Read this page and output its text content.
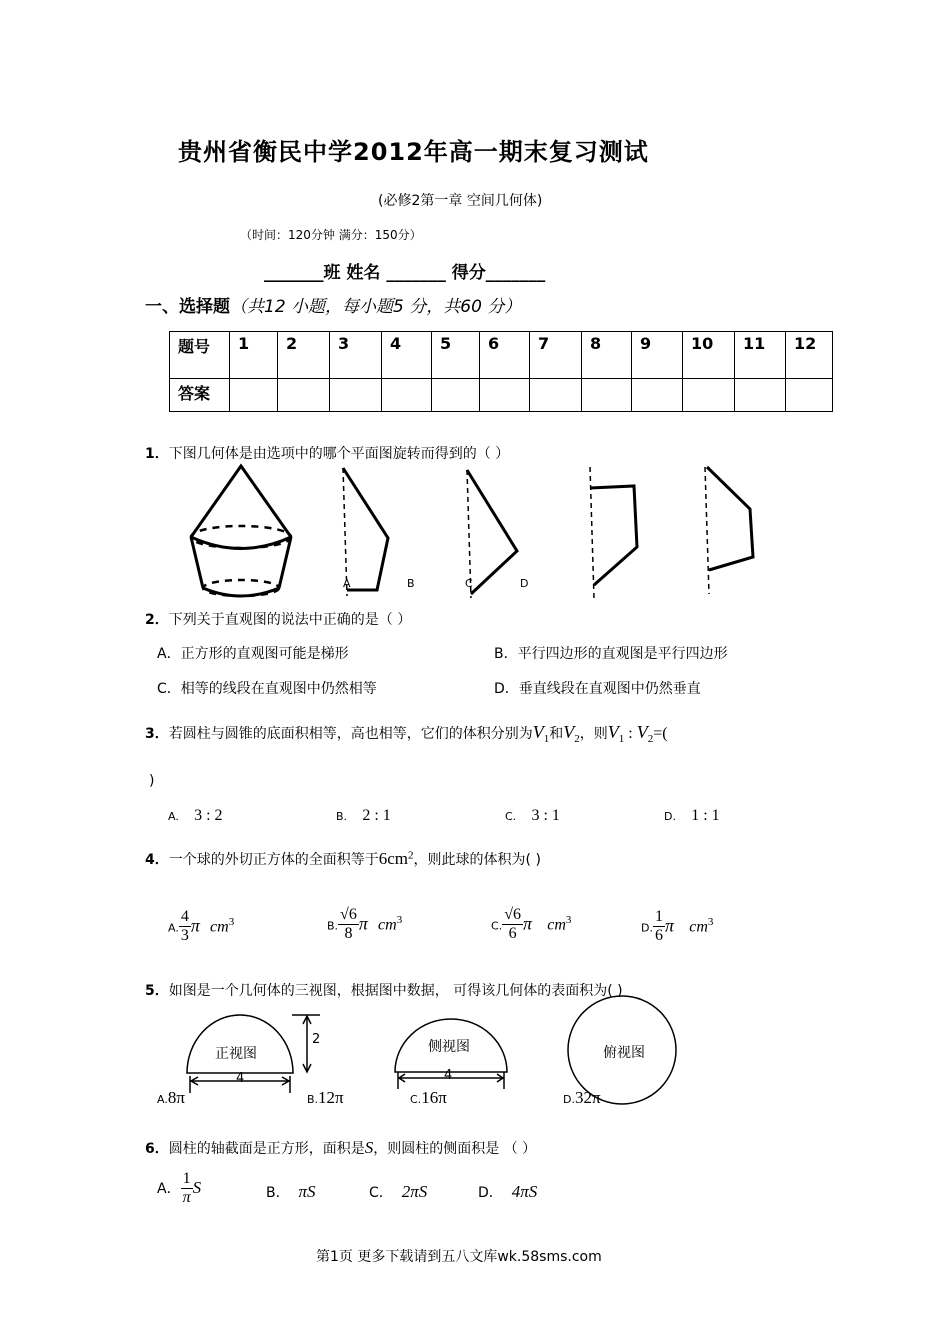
贵州省衡民中学2012年高一期末复习测试
(必修2第一章 空间几何体)
（时间：120分钟 满分：150分）
_______班 姓名 _______ 得分_______
一、选择题（共12 小题，每小题5 分，共60 分）
题号	1	2	3	4	5	6	7	8	9	10	11	12
答案												
1．下图几何体是由选项中的哪个平面图旋转而得到的（ ）
A	B	C	D
2．下列关于直观图的说法中正确的是（ ）
A．正方形的直观图可能是梯形	B．平行四边形的直观图是平行四边形
C．相等的线段在直观图中仍然相等	D．垂直线段在直观图中仍然垂直
3．若圆柱与圆锥的底面积相等，高也相等，它们的体积分别为$V_1$和$V_2$，则$V_1$ : $V_2=$(
)
A. 3 : 2	B. 2 : 1	C. 3 : 1	D. 1 : 1
4．一个球的外切正方体的全面积等于$6cm^2$，则此球的体积为( )
A. $\frac{4}{3}$ π $cm^3$	B. $\frac{√6}{8}$ π $cm^3$	C. $\frac{√6}{6}$ π $cm^3$
D. $\frac{1}{6}$ π $cm^3$
5．如图是一个几何体的三视图，根据图中数据， 可得该几何体的表面积为( )
正视图
2
4
侧视图
4
俯视图
A.8π	B.12π	C.16π	D.32π
6．圆柱的轴截面是正方形，面积是S，则圆柱的侧面积是 （ ）
A． $\frac{1}{\pi}$ S	B． πS	C． 2πS	D． 4πS
第1页 更多下载请到五八文库wk.58sms.com
